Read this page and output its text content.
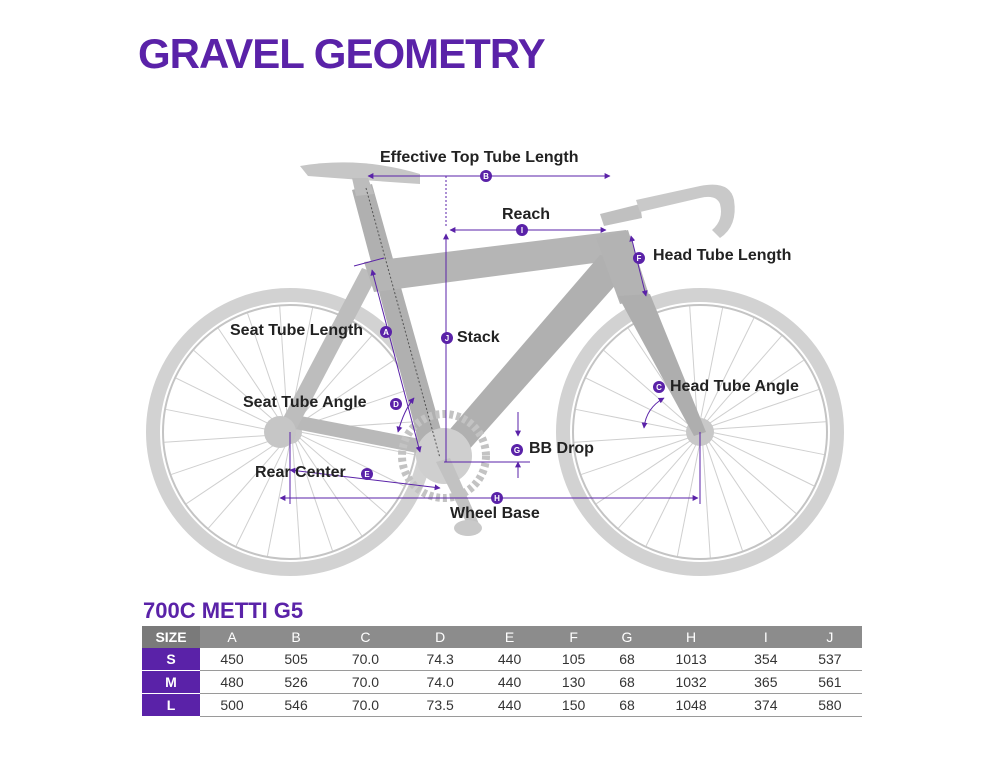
Effective Top Tube Length
Reach
Head Tube Length
Seat Tube Length	Stack
Head Tube Angle
Seat Tube Angle
BB Drop
Rear Center
Wheel Base
B
I
F
A
J
C
D
G
E
H
GRAVEL GEOMETRY
700C METTI G5
SIZE	A	B	C	D	E	F	G	H	I	J
S	450	505	70.0	74.3	440	105	68	1013	354	537
M	480	526	70.0	74.0	440	130	68	1032	365	561
L	500	546	70.0	73.5	440	150	68	1048	374	580
